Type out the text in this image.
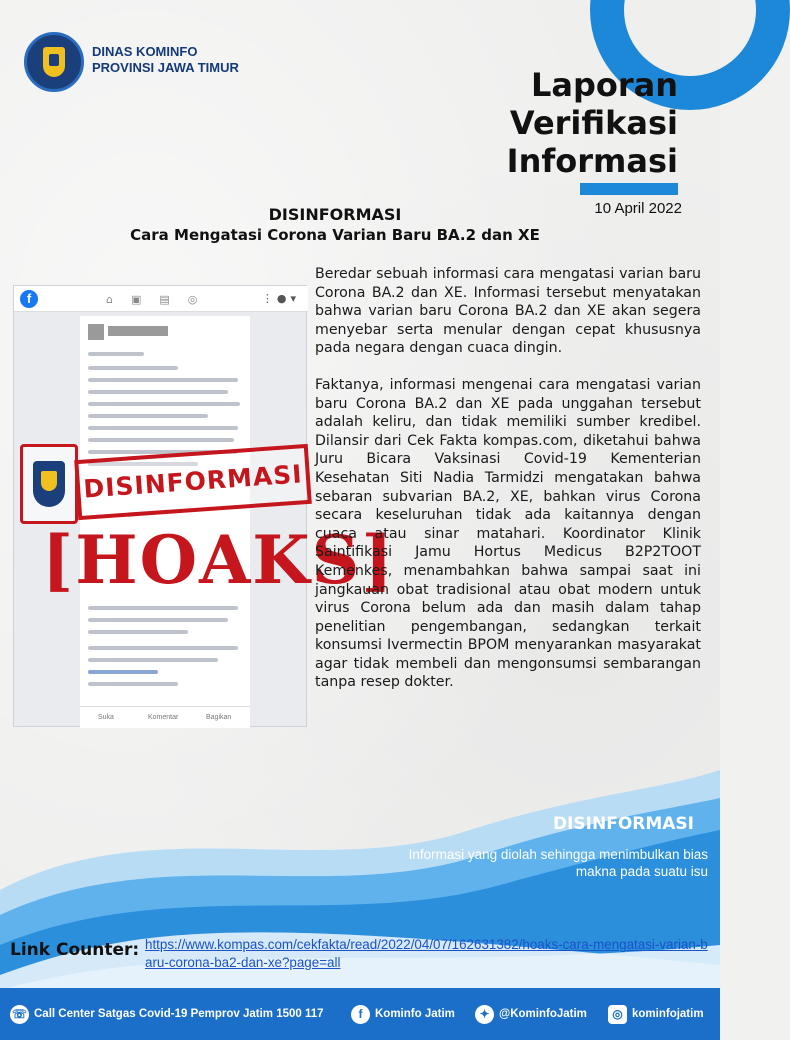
DINAS KOMINFO
PROVINSI JAWA TIMUR	Laporan
Verifikasi
Informasi
10 April 2022
DISINFORMASI
Cara Mengatasi Corona Varian Baru BA.2 dan XE
f	⌂▣▤◎	⋮●▾
Suka	Komentar	Bagikan
DISINFORMASI
[HOAKS]

Beredar sebuah informasi cara mengatasi varian baru Corona BA.2 dan XE. Informasi tersebut menyatakan bahwa varian baru Corona BA.2 dan XE akan segera menyebar serta menular dengan cepat khususnya pada negara dengan cuaca dingin.

Faktanya, informasi mengenai cara mengatasi varian baru Corona BA.2 dan XE pada unggahan tersebut adalah keliru, dan tidak memiliki sumber kredibel. Dilansir dari Cek Fakta kompas.com, diketahui bahwa Juru Bicara Vaksinasi Covid-19 Kementerian Kesehatan Siti Nadia Tarmidzi mengatakan bahwa sebaran subvarian BA.2, XE, bahkan virus Corona secara keseluruhan tidak ada kaitannya dengan cuaca atau sinar matahari. Koordinator Klinik Saintifikasi Jamu Hortus Medicus B2P2TOOT Kemenkes, menambahkan bahwa sampai saat ini jangkauan obat tradisional atau obat modern untuk virus Corona belum ada dan masih dalam tahap penelitian pengembangan, sedangkan terkait konsumsi Ivermectin BPOM menyarankan masyarakat agar tidak membeli dan mengonsumsi sembarangan tanpa resep dokter.

DISINFORMASI
Informasi yang diolah sehingga menimbulkan bias makna pada suatu isu
Link Counter: https://www.kompas.com/cekfakta/read/2022/04/07/162631382/hoaks-cara-mengatasi-varian-baru-corona-ba2-dan-xe?page=all
☏ Call Center Satgas Covid-19 Pemprov Jatim 1500 117	f Kominfo Jatim	✦ @KominfoJatim	◎ kominfojatim
